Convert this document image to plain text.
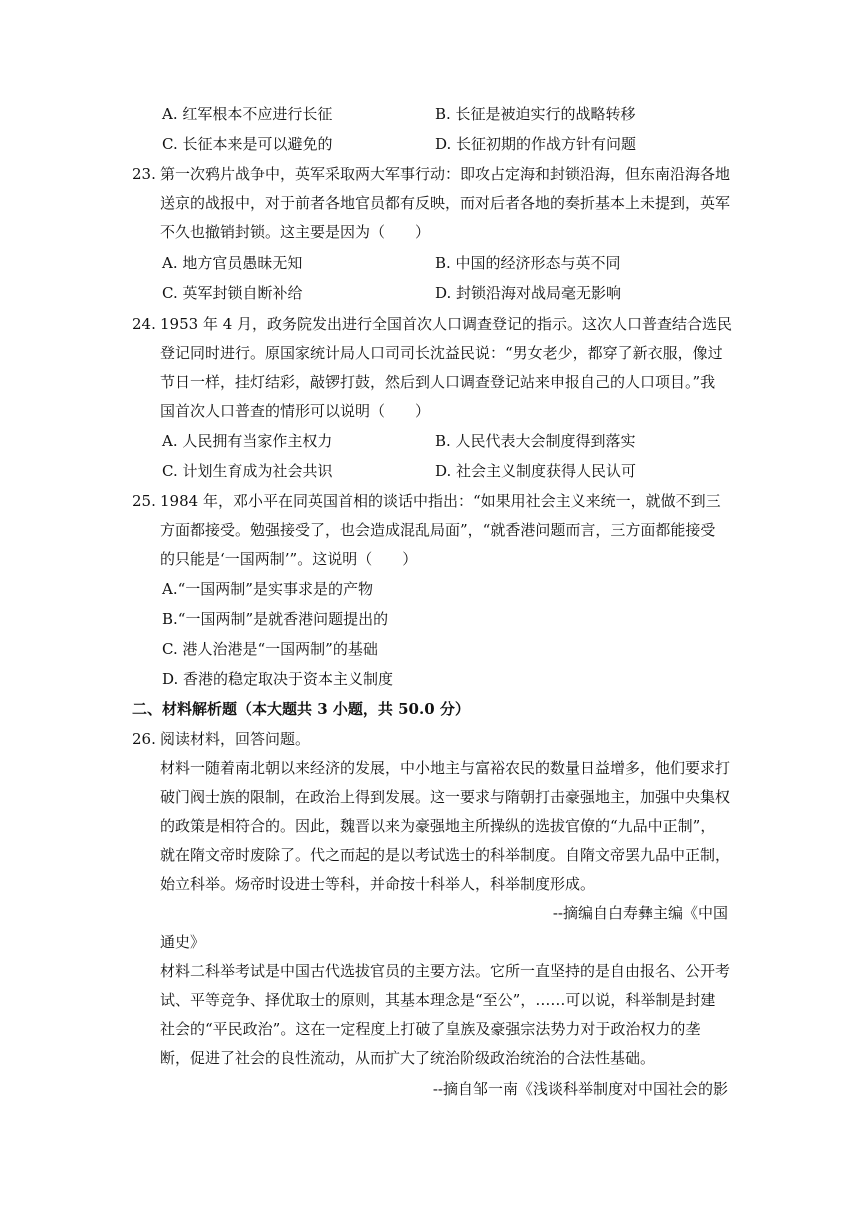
A. 红军根本不应进行长征	B. 长征是被迫实行的战略转移
C. 长征本来是可以避免的	D. 长征初期的作战方针有问题
23. 第一次鸦片战争中，英军采取两大军事行动：即攻占定海和封锁沿海，但东南沿海各地
送京的战报中，对于前者各地官员都有反映，而对后者各地的奏折基本上未提到，英军
不久也撤销封锁。这主要是因为（　　）
A. 地方官员愚昧无知	B. 中国的经济形态与英不同
C. 英军封锁自断补给	D. 封锁沿海对战局毫无影响
24. 1953 年 4 月，政务院发出进行全国首次人口调查登记的指示。这次人口普查结合选民
登记同时进行。原国家统计局人口司司长沈益民说：“男女老少，都穿了新衣服，像过
节日一样，挂灯结彩，敲锣打鼓，然后到人口调查登记站来申报自己的人口项目。”我
国首次人口普查的情形可以说明（　　）
A. 人民拥有当家作主权力	B. 人民代表大会制度得到落实
C. 计划生育成为社会共识	D. 社会主义制度获得人民认可
25. 1984 年，邓小平在同英国首相的谈话中指出：“如果用社会主义来统一，就做不到三
方面都接受。勉强接受了，也会造成混乱局面”，“就香港问题而言，三方面都能接受
的只能是‘一国两制’”。这说明（　　）
A.“一国两制”是实事求是的产物
B.“一国两制”是就香港问题提出的
C. 港人治港是“一国两制”的基础
D. 香港的稳定取决于资本主义制度
二、材料解析题（本大题共 3 小题，共 50.0 分）
26. 阅读材料，回答问题。
材料一随着南北朝以来经济的发展，中小地主与富裕农民的数量日益增多，他们要求打
破门阀士族的限制，在政治上得到发展。这一要求与隋朝打击豪强地主，加强中央集权
的政策是相符合的。因此，魏晋以来为豪强地主所操纵的选拔官僚的“九品中正制”，
就在隋文帝时废除了。代之而起的是以考试选士的科举制度。自隋文帝罢九品中正制，
始立科举。炀帝时设进士等科，并命按十科举人，科举制度形成。
--摘编自白寿彝主编《中国
通史》
材料二科举考试是中国古代选拔官员的主要方法。它所一直坚持的是自由报名、公开考
试、平等竞争、择优取士的原则，其基本理念是“至公”，……可以说，科举制是封建
社会的“平民政治”。这在一定程度上打破了皇族及豪强宗法势力对于政治权力的垄
断，促进了社会的良性流动，从而扩大了统治阶级政治统治的合法性基础。
--摘自邹一南《浅谈科举制度对中国社会的影
